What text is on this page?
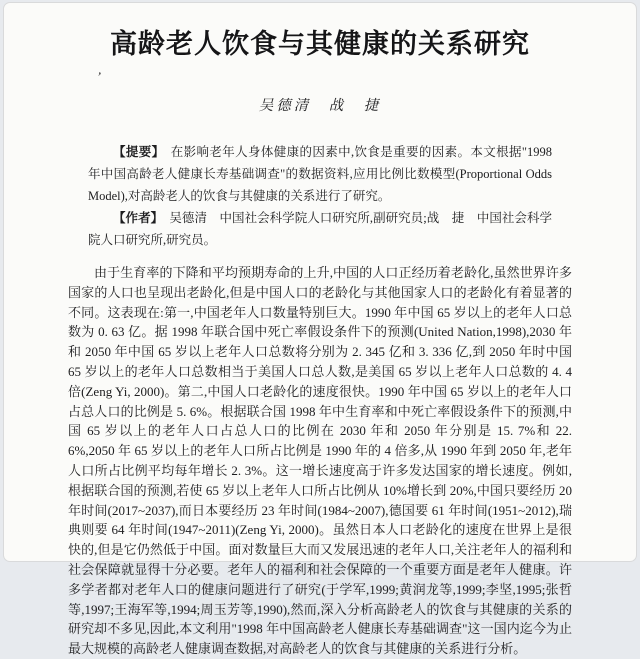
高龄老人饮食与其健康的关系研究
’
吴德清　战　捷

【提要】 在影响老年人身体健康的因素中,饮食是重要的因素。本文根据"1998 年中国高龄老人健康长寿基础调查"的数据资料,应用比例比数模型(Proportional Odds Model),对高龄老人的饮食与其健康的关系进行了研究。

【作者】 吴德清　中国社会科学院人口研究所,副研究员;战　捷　中国社会科学院人口研究所,研究员。

由于生育率的下降和平均预期寿命的上升,中国的人口正经历着老龄化,虽然世界许多国家的人口也呈现出老龄化,但是中国人口的老龄化与其他国家人口的老龄化有着显著的不同。这表现在:第一,中国老年人口数量特别巨大。1990 年中国 65 岁以上的老年人口总数为 0. 63 亿。据 1998 年联合国中死亡率假设条件下的预测(United Nation,1998),2030 年和 2050 年中国 65 岁以上老年人口总数将分别为 2. 345 亿和 3. 336 亿,到 2050 年时中国 65 岁以上的老年人口总数相当于美国人口总人数,是美国 65 岁以上老年人口总数的 4. 4 倍(Zeng Yi, 2000)。第二,中国人口老龄化的速度很快。1990 年中国 65 岁以上的老年人口占总人口的比例是 5. 6%。根据联合国 1998 年中生育率和中死亡率假设条件下的预测,中国 65 岁以上的老年人口占总人口的比例在 2030 年和 2050 年分别是 15. 7%和 22. 6%,2050 年 65 岁以上的老年人口所占比例是 1990 年的 4 倍多,从 1990 年到 2050 年,老年人口所占比例平均每年增长 2. 3%。这一增长速度高于许多发达国家的增长速度。例如,根据联合国的预测,若使 65 岁以上老年人口所占比例从 10%增长到 20%,中国只要经历 20 年时间(2017~2037),而日本要经历 23 年时间(1984~2007),德国要 61 年时间(1951~2012),瑞典则要 64 年时间(1947~2011)(Zeng Yi, 2000)。虽然日本人口老龄化的速度在世界上是很快的,但是它仍然低于中国。面对数量巨大而又发展迅速的老年人口,关注老年人的福利和社会保障就显得十分必要。老年人的福利和社会保障的一个重要方面是老年人健康。许多学者都对老年人口的健康问题进行了研究(于学军,1999;黄润龙等,1999;李坚,1995;张哲等,1997;王海军等,1994;周玉芳等,1990),然而,深入分析高龄老人的饮食与其健康的关系的研究却不多见,因此,本文利用"1998 年中国高龄老人健康长寿基础调查"这一国内迄今为止最大规模的高龄老人健康调查数据,对高龄老人的饮食与其健康的关系进行分析。
